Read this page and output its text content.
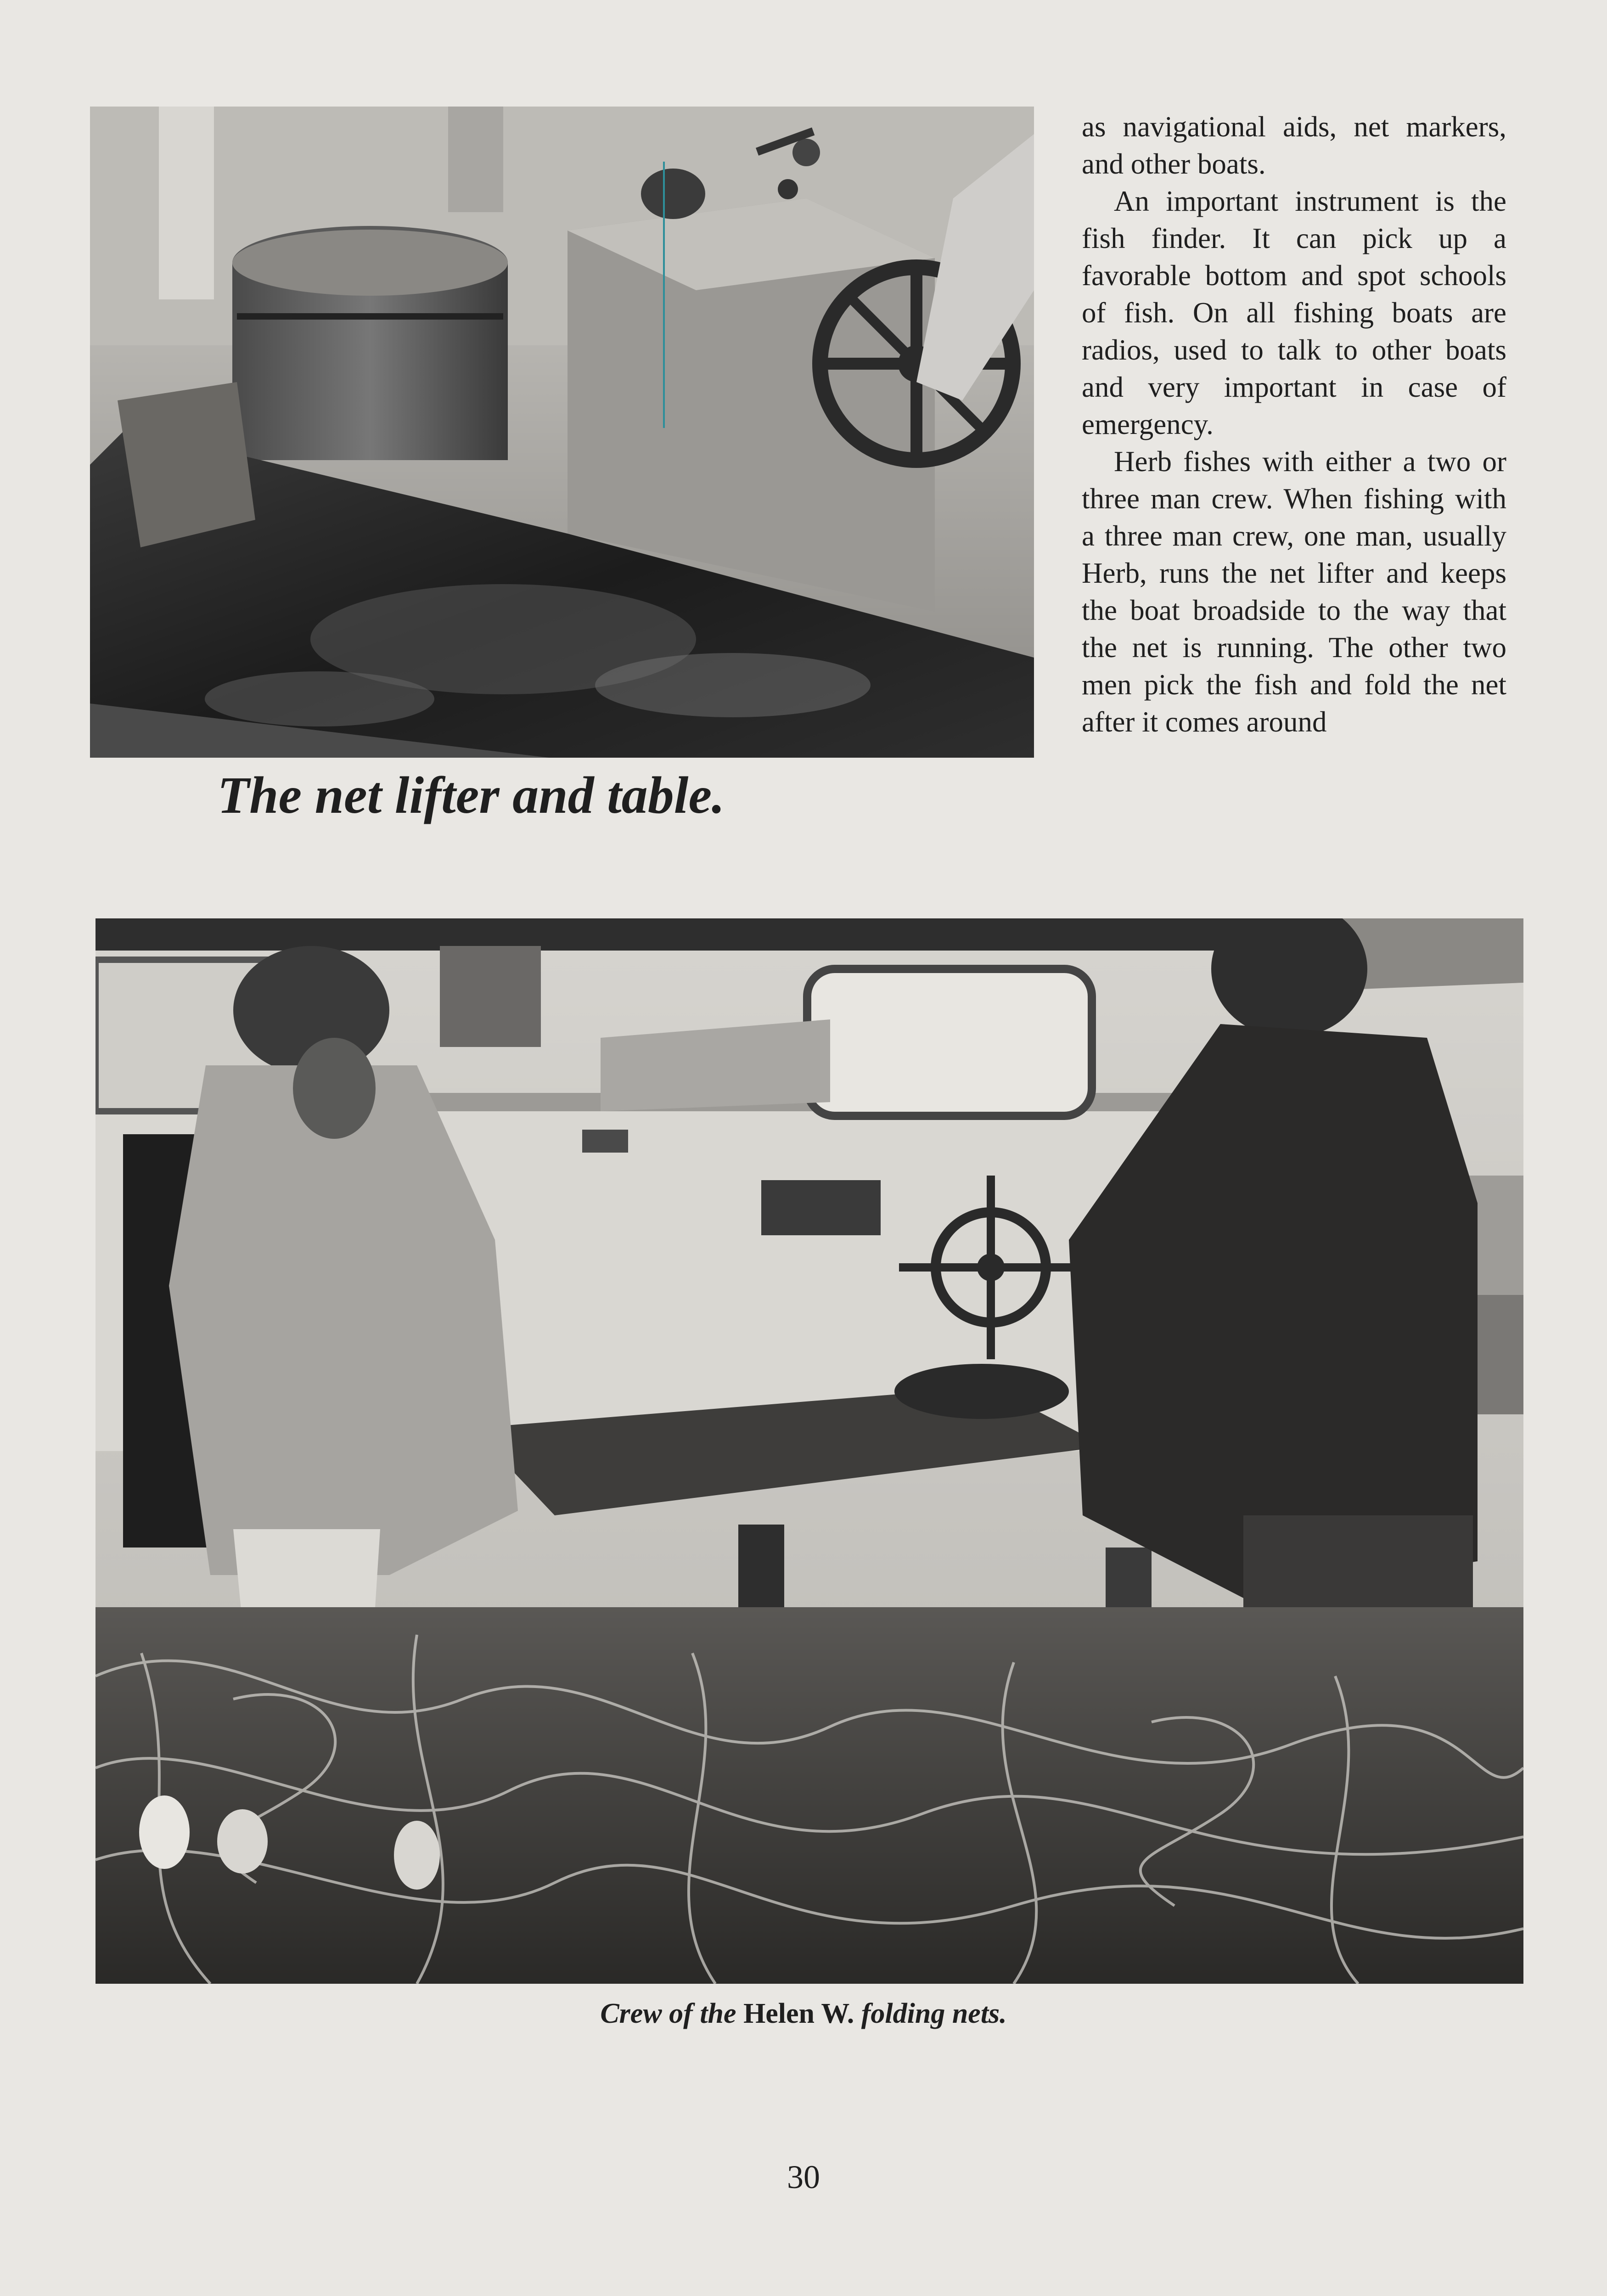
as navigational aids, net markers, and other boats.

An important instrument is the fish finder. It can pick up a favorable bottom and spot schools of fish. On all fishing boats are radios, used to talk to other boats and very important in case of emergency.

Herb fishes with either a two or three man crew. When fishing with a three man crew, one man, usually Herb, runs the net lifter and keeps the boat broadside to the way that the net is running. The other two men pick the fish and fold the net after it comes around

The net lifter and table.
Crew of the Helen W. folding nets.
30
